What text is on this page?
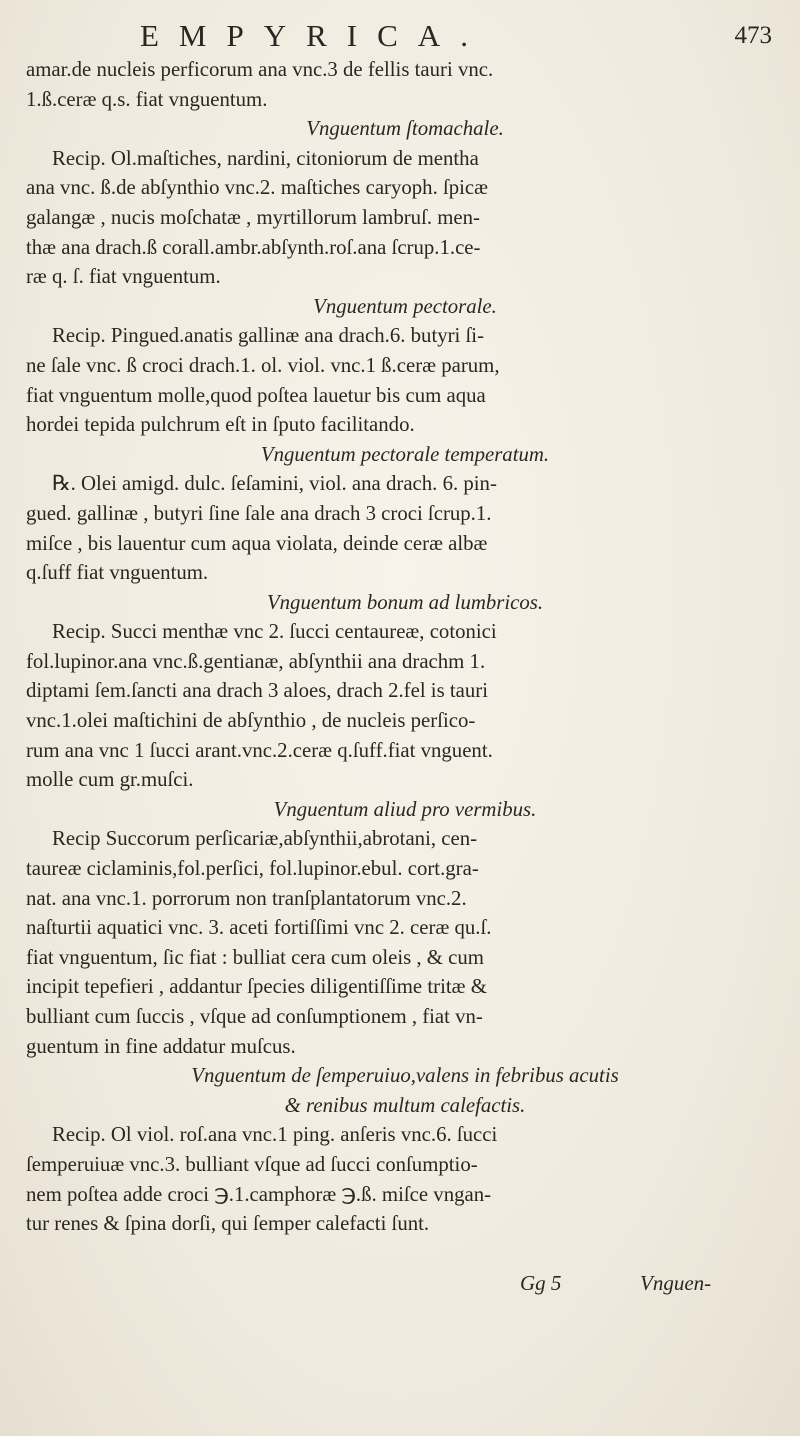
EMPYRICA.	473
amar.de nucleis perficorum ana vnc.3 de fellis tauri vnc.
1.ß.ceræ q.s. fiat vnguentum.
Vnguentum ſtomachale.
Recip. Ol.maſtiches, nardini, citoniorum de mentha
ana vnc. ß.de abſynthio vnc.2. maſtiches caryoph. ſpicæ
galangæ , nucis moſchatæ , myrtillorum lambruſ. men-
thæ ana drach.ß corall.ambr.abſynth.roſ.ana ſcrup.1.ce-
ræ q. ſ. fiat vnguentum.
Vnguentum pectorale.
Recip. Pingued.anatis gallinæ ana drach.6. butyri ſi-
ne ſale vnc. ß croci drach.1. ol. viol. vnc.1 ß.ceræ parum,
fiat vnguentum molle,quod poſtea lauetur bis cum aqua
hordei tepida pulchrum eſt in ſputo facilitando.
Vnguentum pectorale temperatum.
℞. Olei amigd. dulc. ſeſamini, viol. ana drach. 6. pin-
gued. gallinæ , butyri ſine ſale ana drach 3 croci ſcrup.1.
miſce , bis lauentur cum aqua violata, deinde ceræ albæ
q.ſuff fiat vnguentum.
Vnguentum bonum ad lumbricos.
Recip. Succi menthæ vnc 2. ſucci centaureæ, cotonici
fol.lupinor.ana vnc.ß.gentianæ, abſynthii ana drachm 1.
diptami ſem.ſancti ana drach 3 aloes, drach 2.fel is tauri
vnc.1.olei maſtichini de abſynthio , de nucleis perſico-
rum ana vnc 1 ſucci arant.vnc.2.ceræ q.ſuff.fiat vnguent.
molle cum gr.muſci.
Vnguentum aliud pro vermibus.
Recip Succorum perſicariæ,abſynthii,abrotani, cen-
taureæ ciclaminis,fol.perſici, fol.lupinor.ebul. cort.gra-
nat. ana vnc.1. porrorum non tranſplantatorum vnc.2.
naſturtii aquatici vnc. 3. aceti fortiſſimi vnc 2. ceræ qu.ſ.
fiat vnguentum, ſic fiat : bulliat cera cum oleis , & cum
incipit tepefieri , addantur ſpecies diligentiſſime tritæ &
bulliant cum ſuccis , vſque ad conſumptionem , fiat vn-
guentum in fine addatur muſcus.
Vnguentum de ſemperuiuo,valens in febribus acutis
& renibus multum calefactis.
Recip. Ol viol. roſ.ana vnc.1 ping. anſeris vnc.6. ſucci
ſemperuiuæ vnc.3. bulliant vſque ad ſucci conſumptio-
nem poſtea adde croci ℈.1.camphoræ ℈.ß. miſce vngan-
tur renes & ſpina dorſi, qui ſemper calefacti ſunt.
Gg 5	Vnguen-
